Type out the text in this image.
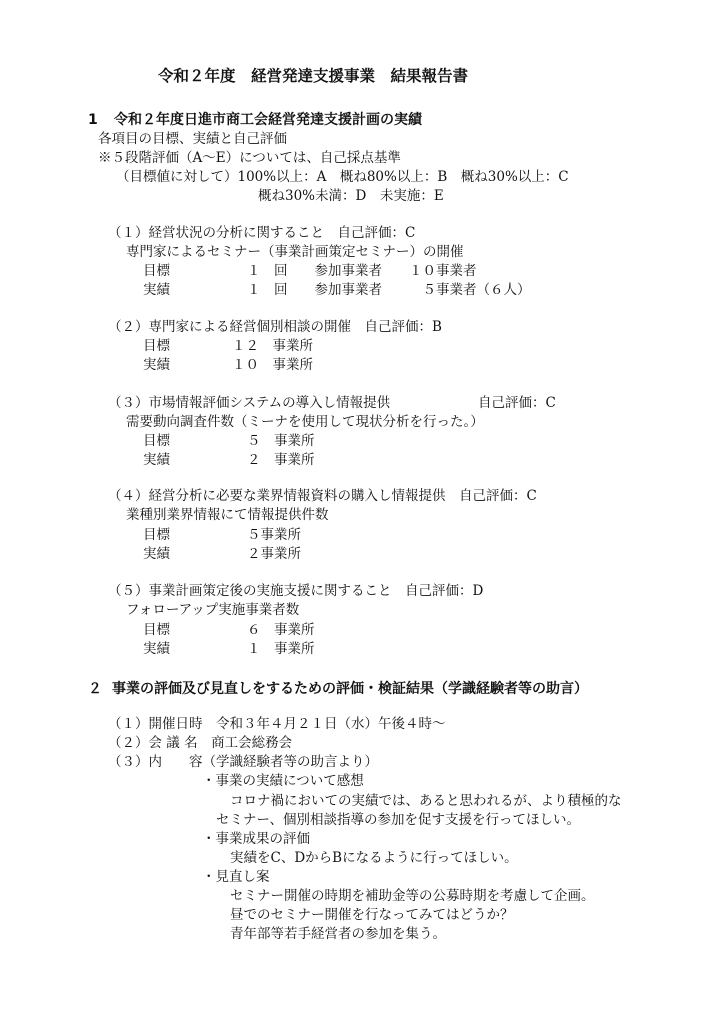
令和２年度　経営発達支援事業　結果報告書
1 令和２年度日進市商工会経営発達支援計画の実績
各項目の目標、実績と自己評価
※５段階評価（A～E）については、自己採点基準
（目標値に対して）100%以上：A　概ね80%以上：B　概ね30%以上：C
概ね30%未満：D　未実施：E
（１）経営状況の分析に関すること　自己評価：C
専門家によるセミナー（事業計画策定セミナー）の開催
目標	１　回　　参加事業者　　１０事業者
実績	１　回　　参加事業者　　　５事業者（６人）
（２）専門家による経営個別相談の開催　自己評価：B
目標	１２　事業所
実績	１０　事業所
（３）市場情報評価システムの導入し情報提供	自己評価：C
需要動向調査件数（ミーナを使用して現状分析を行った。）
目標	５　事業所
実績	２　事業所
（４）経営分析に必要な業界情報資料の購入し情報提供　自己評価：C
業種別業界情報にて情報提供件数
目標	５事業所
実績	２事業所
（５）事業計画策定後の実施支援に関すること　自己評価：D
フォローアップ実施事業者数
目標	６　事業所
実績	１　事業所
２ 事業の評価及び見直しをするための評価・検証結果（学識経験者等の助言）
（１）開催日時　令和３年４月２１日（水）午後４時～
（２）会 議 名　商工会総務会
（３）内　　容（学識経験者等の助言より）
・事業の実績について感想
コロナ禍においての実績では、あると思われるが、より積極的な
セミナー、個別相談指導の参加を促す支援を行ってほしい。
・事業成果の評価
実績をC、DからBになるように行ってほしい。
・見直し案
セミナー開催の時期を補助金等の公募時期を考慮して企画。
昼でのセミナー開催を行なってみてはどうか？
青年部等若手経営者の参加を集う。
